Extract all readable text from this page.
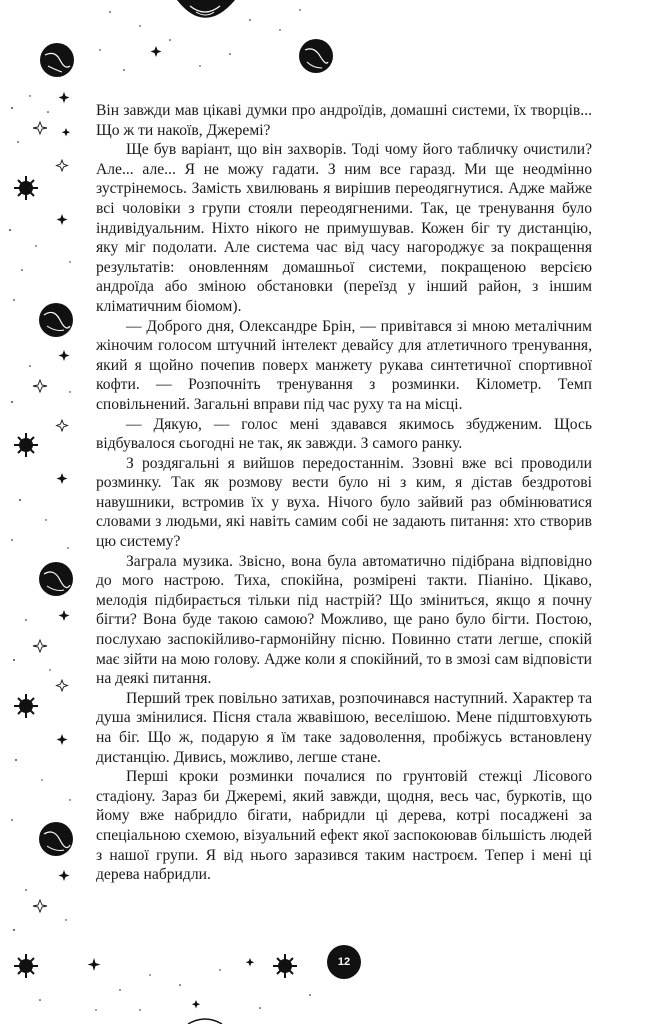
Він завжди мав цікаві думки про андроїдів, домашні системи, їх творців... Що ж ти накоїв, Джеремі?

Ще був варіант, що він захворів. Тоді чому його табличку очистили? Але... але... Я не можу гадати. З ним все гаразд. Ми ще неодмінно зустрінемось. Замість хвилювань я вирішив переодягнутися. Адже майже всі чоловіки з групи стояли переодягненими. Так, це тренування було індивідуальним. Ніхто нікого не примушував. Кожен біг ту дистанцію, яку міг подолати. Але система час від часу нагороджує за покращення результатів: оновленням домашньої системи, покращеною версією андроїда або зміною обстановки (переїзд у інший район, з іншим кліматичним біомом).

— Доброго дня, Олександре Брін, — привітався зі мною металічним жіночим голосом штучний інтелект девайсу для атлетичного тренування, який я щойно почепив поверх манжету рукава синтетичної спортивної кофти. — Розпочніть тренування з розминки. Кілометр. Темп сповільнений. Загальні вправи під час руху та на місці.

— Дякую, — голос мені здавався якимось збудженим. Щось відбувалося сьогодні не так, як завжди. З самого ранку.

З роздягальні я вийшов передостаннім. Ззовні вже всі проводили розминку. Так як розмову вести було ні з ким, я дістав бездротові навушники, встромив їх у вуха. Нічого було зайвий раз обмінюватися словами з людьми, які навіть самим собі не задають питання: хто створив цю систему?

Заграла музика. Звісно, вона була автоматично підібрана відповідно до мого настрою. Тиха, спокійна, розмірені такти. Піаніно. Цікаво, мелодія підбирається тільки під настрій? Що зміниться, якщо я почну бігти? Вона буде такою самою? Можливо, ще рано було бігти. Постою, послухаю заспокійливо-гармонійну пісню. Повинно стати легше, спокій має зійти на мою голову. Адже коли я спокійний, то в змозі сам відповісти на деякі питання.

Перший трек повільно затихав, розпочинався наступний. Характер та душа змінилися. Пісня стала жвавішою, веселішою. Мене підштовхують на біг. Що ж, подарую я їм таке задоволення, пробіжусь встановлену дистанцію. Дивись, можливо, легше стане.

Перші кроки розминки почалися по грунтовій стежці Лісового стадіону. Зараз би Джеремі, який завжди, щодня, весь час, буркотів, що йому вже набридло бігати, набридли ці дерева, котрі посаджені за спеціальною схемою, візуальний ефект якої заспокоював більшість людей з нашої групи. Я від нього заразився таким настроєм. Тепер і мені ці дерева набридли.

12
